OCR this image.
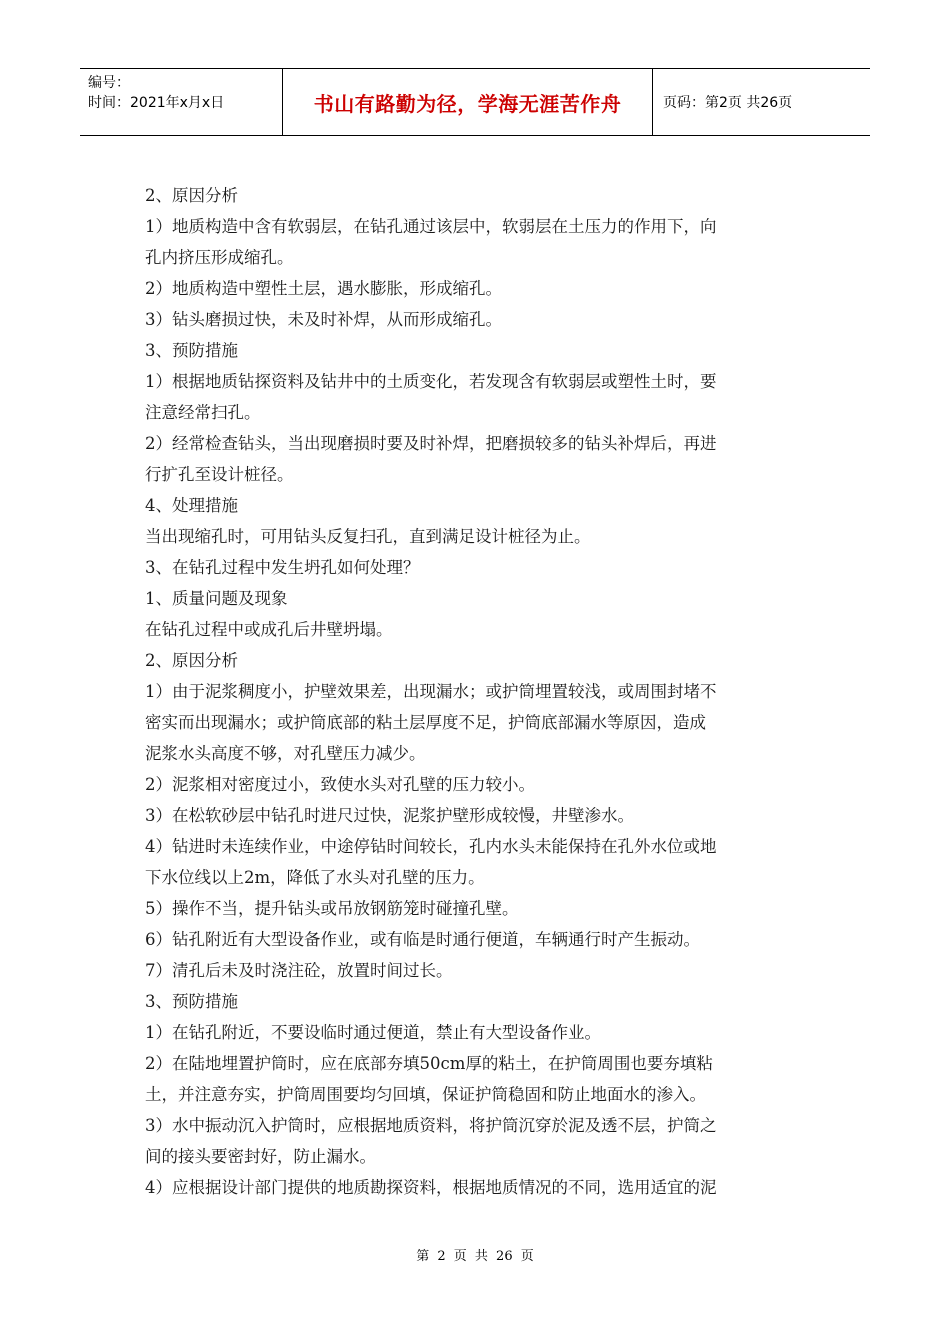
编号：
时间：2021年x月x日	书山有路勤为径，学海无涯苦作舟	页码：第2页 共26页

2、原因分析

1）地质构造中含有软弱层，在钻孔通过该层中，软弱层在土压力的作用下，向

孔内挤压形成缩孔。

2）地质构造中塑性土层，遇水膨胀，形成缩孔。

3）钻头磨损过快，未及时补焊，从而形成缩孔。

3、预防措施

1）根据地质钻探资料及钻井中的土质变化，若发现含有软弱层或塑性土时，要

注意经常扫孔。

2）经常检查钻头，当出现磨损时要及时补焊，把磨损较多的钻头补焊后，再进

行扩孔至设计桩径。

4、处理措施

当出现缩孔时，可用钻头反复扫孔，直到满足设计桩径为止。

3、在钻孔过程中发生坍孔如何处理？

1、质量问题及现象

在钻孔过程中或成孔后井壁坍塌。

2、原因分析

1）由于泥浆稠度小，护壁效果差，出现漏水；或护筒埋置较浅，或周围封堵不

密实而出现漏水；或护筒底部的粘土层厚度不足，护筒底部漏水等原因，造成

泥浆水头高度不够，对孔壁压力减少。

2）泥浆相对密度过小，致使水头对孔壁的压力较小。

3）在松软砂层中钻孔时进尺过快，泥浆护壁形成较慢，井壁渗水。

4）钻进时未连续作业，中途停钻时间较长，孔内水头未能保持在孔外水位或地

下水位线以上2m，降低了水头对孔壁的压力。

5）操作不当，提升钻头或吊放钢筋笼时碰撞孔壁。

6）钻孔附近有大型设备作业，或有临是时通行便道，车辆通行时产生振动。

7）清孔后未及时浇注砼，放置时间过长。

3、预防措施

1）在钻孔附近，不要设临时通过便道，禁止有大型设备作业。

2）在陆地埋置护筒时，应在底部夯填50cm厚的粘土，在护筒周围也要夯填粘

土，并注意夯实，护筒周围要均匀回填，保证护筒稳固和防止地面水的渗入。

3）水中振动沉入护筒时，应根据地质资料，将护筒沉穿於泥及透不层，护筒之

间的接头要密封好，防止漏水。

4）应根据设计部门提供的地质勘探资料，根据地质情况的不同，选用适宜的泥

第 2 页 共 26 页
